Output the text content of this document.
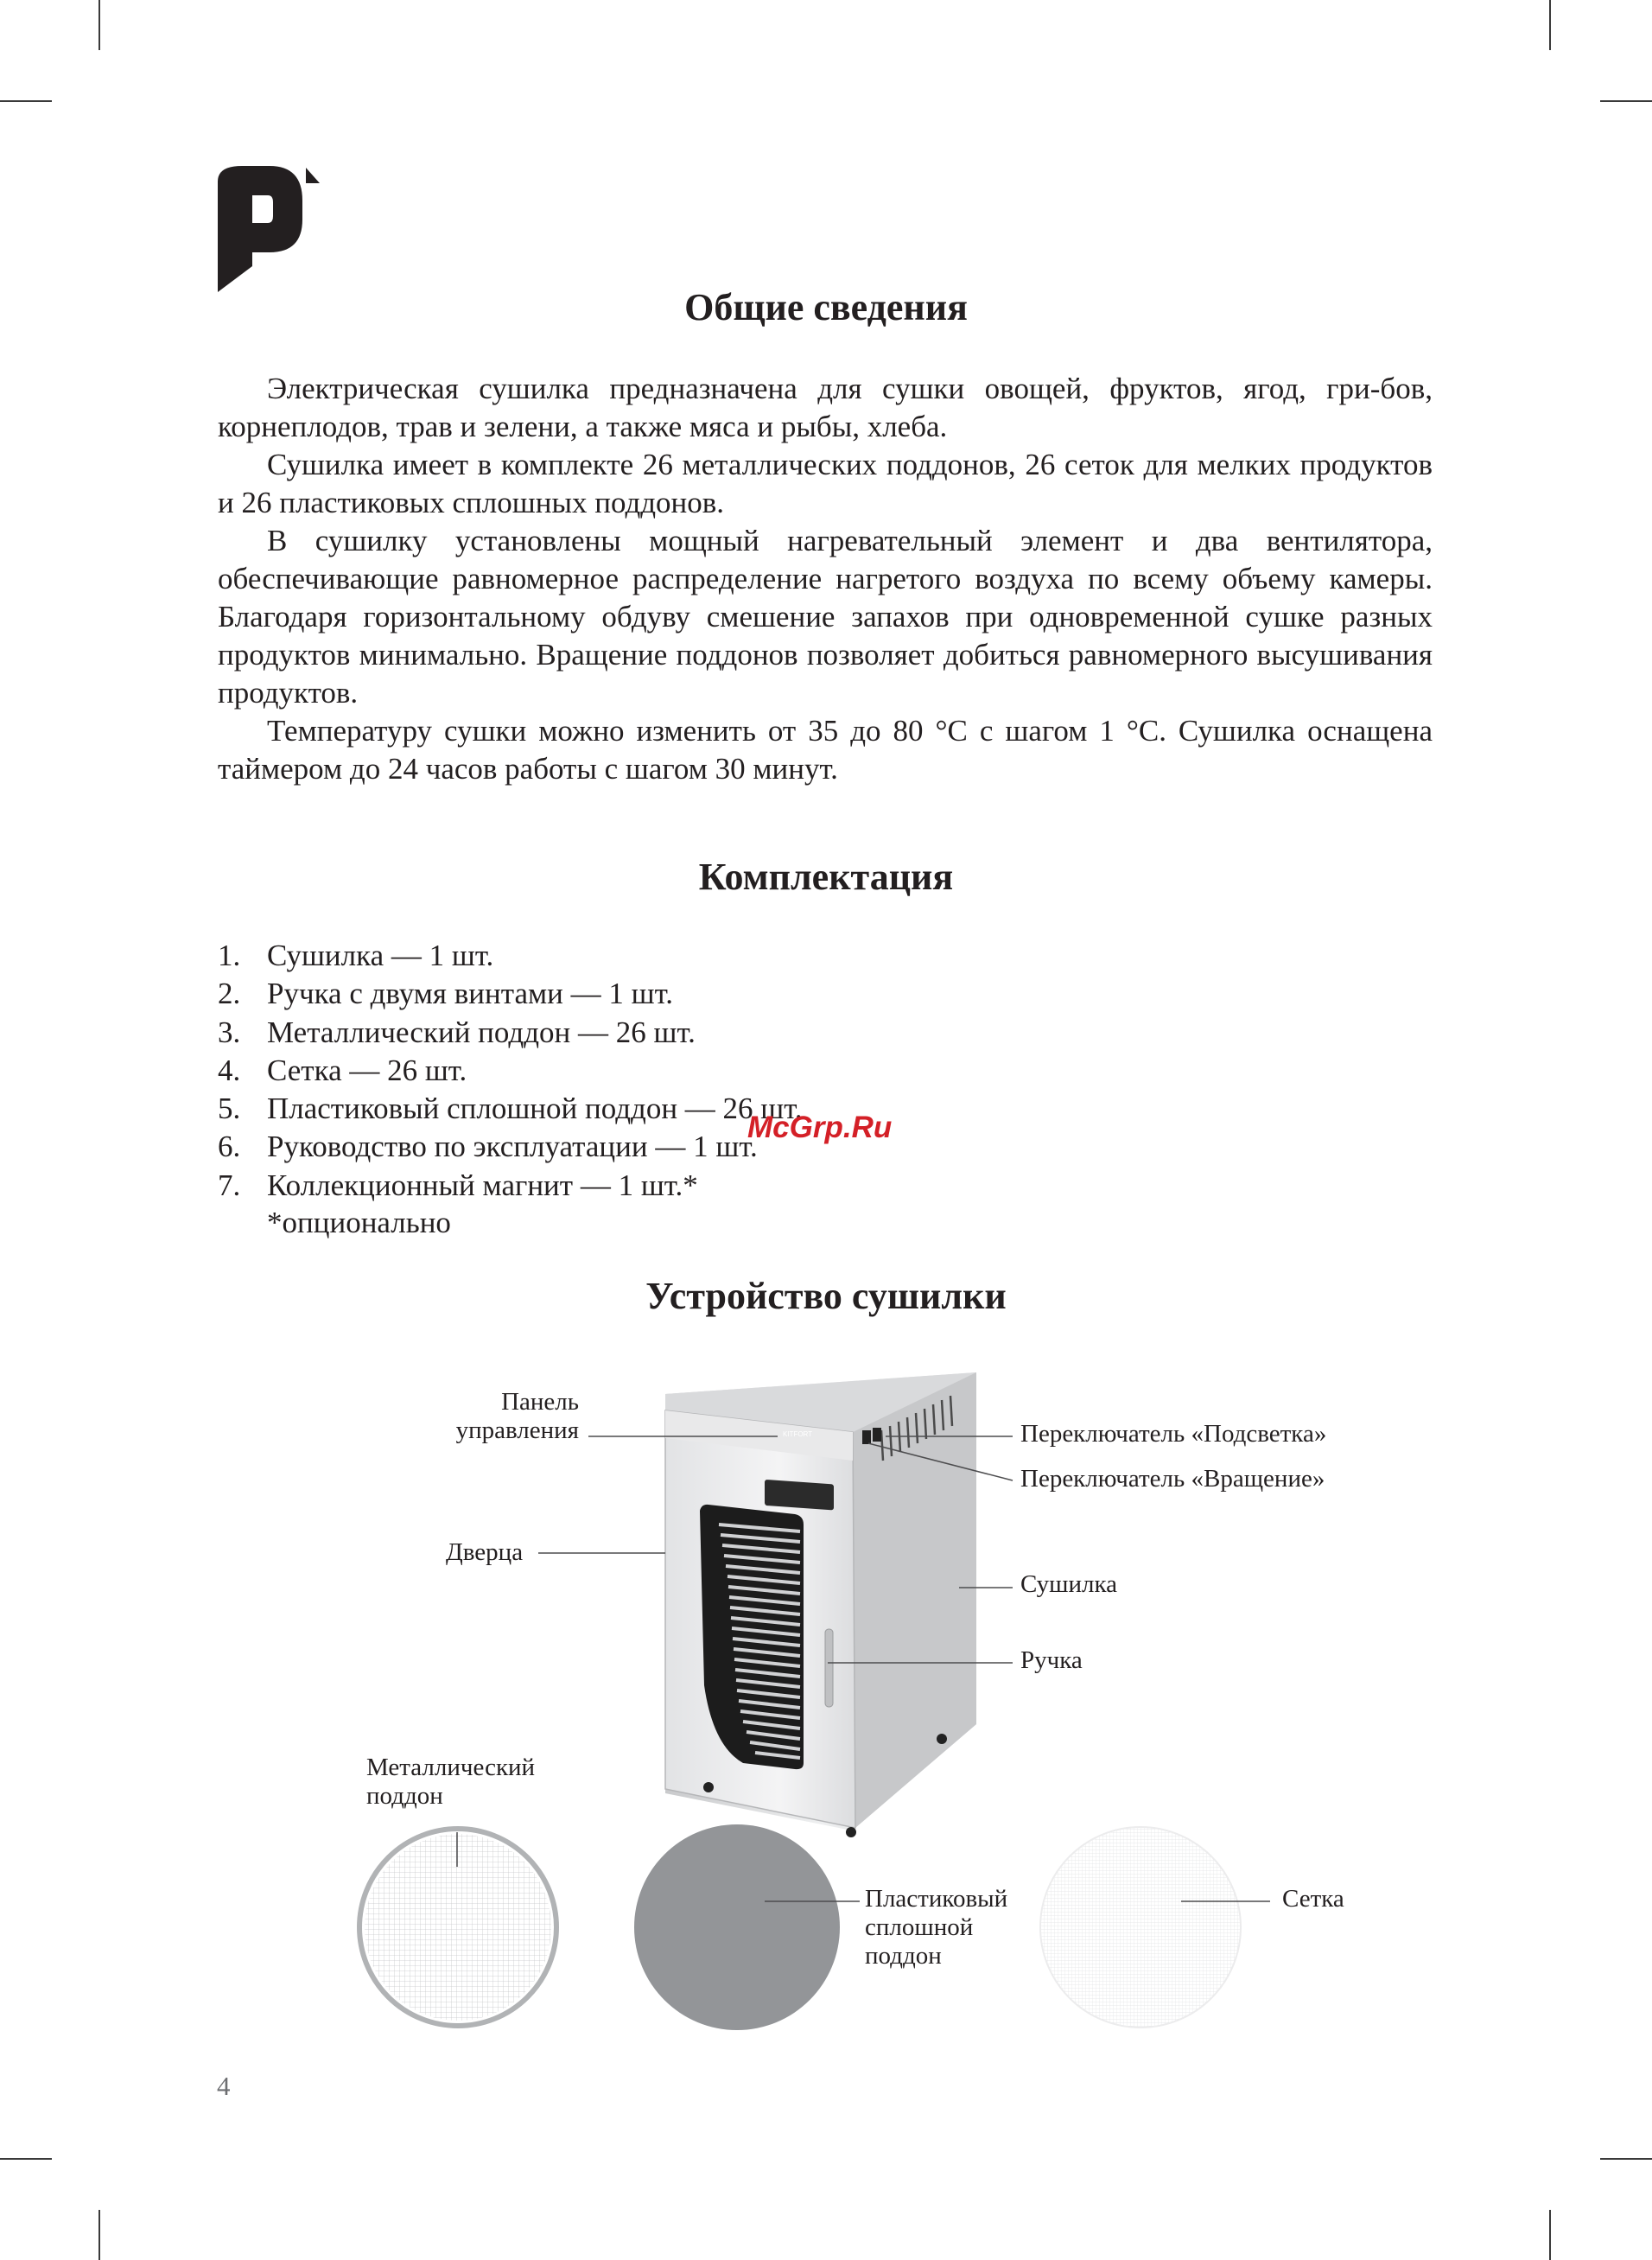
Общие сведения

Электрическая сушилка предназначена для сушки овощей, фруктов, ягод, гри-бов, корнеплодов, трав и зелени, а также мяса и рыбы, хлеба.

Сушилка имеет в комплекте 26 металлических поддонов, 26 сеток для мелких продуктов и 26 пластиковых сплошных поддонов.

В сушилку установлены мощный нагревательный элемент и два вентилятора, обеспечивающие равномерное распределение нагретого воздуха по всему объему камеры. Благодаря горизонтальному обдуву смешение запахов при одновременной сушке разных продуктов минимально. Вращение поддонов позволяет добиться равномерного высушивания продуктов.

Температуру сушки можно изменить от 35 до 80 °C с шагом 1 °C. Сушилка оснащена таймером до 24 часов работы с шагом 30 минут.

Комплектация
1. Сушилка — 1 шт.
2. Ручка с двумя винтами — 1 шт.
3. Металлический поддон — 26 шт.
4. Сетка — 26 шт.
5. Пластиковый сплошной поддон — 26 шт.
6. Руководство по эксплуатации — 1 шт.
7. Коллекционный магнит — 1 шт.*
*опционально
McGrp.Ru
Устройство сушилки
Панель
управления
Дверца
Переключатель «Подсветка»
Переключатель «Вращение»
Сушилка
Ручка
Металлический
поддон
Пластиковый
сплошной
поддон
Сетка
KITFORT
4
